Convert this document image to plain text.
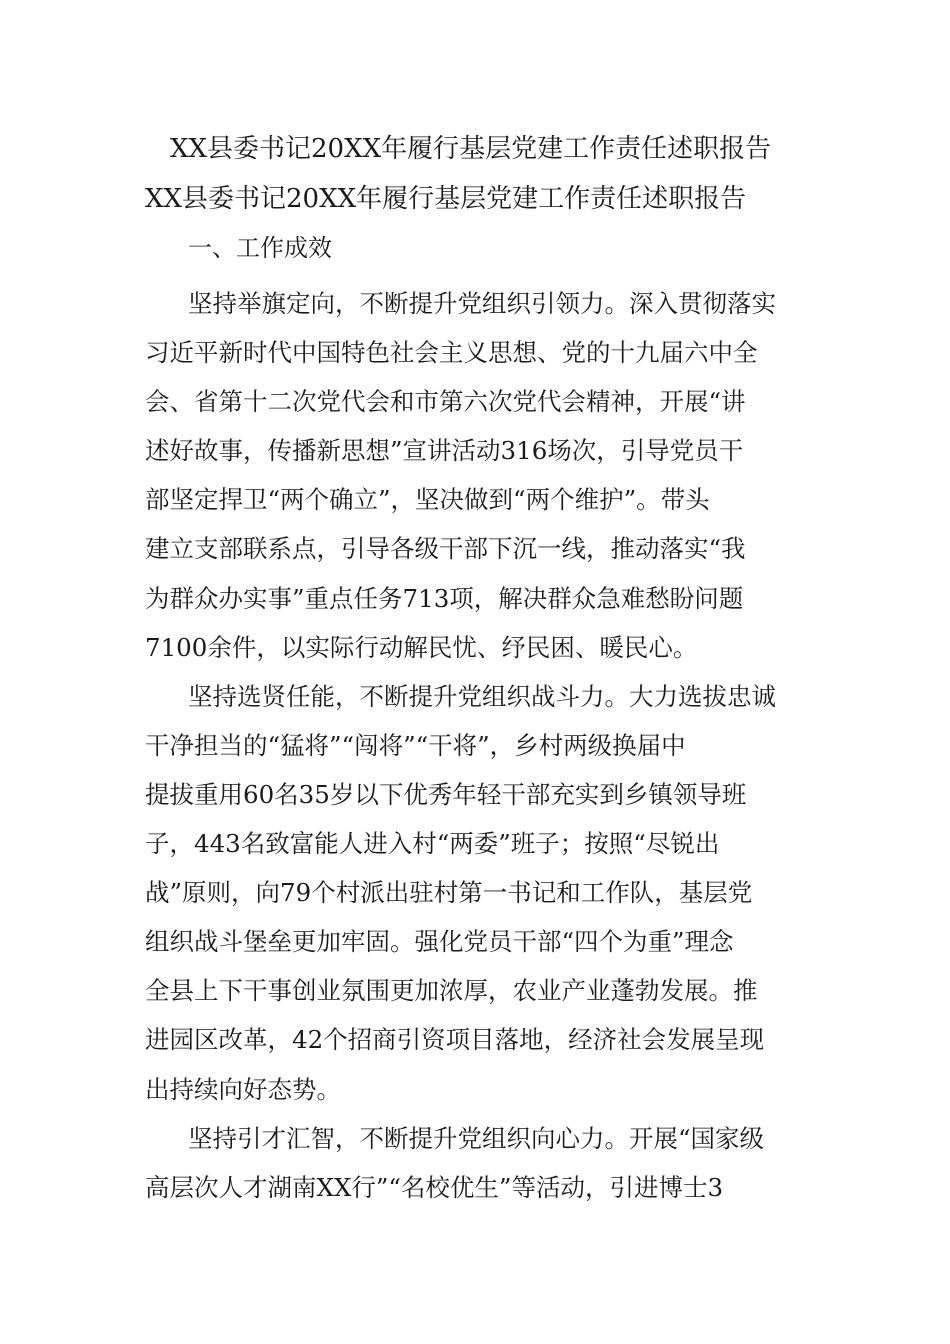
XX县委书记20XX年履行基层党建工作责任述职报告
XX县委书记20XX年履行基层党建工作责任述职报告
一、工作成效
坚持举旗定向，不断提升党组织引领力。深入贯彻落实
习近平新时代中国特色社会主义思想、党的十九届六中全
会、省第十二次党代会和市第六次党代会精神，开展“讲
述好故事，传播新思想”宣讲活动316场次，引导党员干
部坚定捍卫“两个确立”，坚决做到“两个维护”。带头
建立支部联系点，引导各级干部下沉一线，推动落实“我
为群众办实事”重点任务713项，解决群众急难愁盼问题
7100余件，以实际行动解民忧、纾民困、暖民心。
坚持选贤任能，不断提升党组织战斗力。大力选拔忠诚
干净担当的“猛将”“闯将”“干将”，乡村两级换届中
提拔重用60名35岁以下优秀年轻干部充实到乡镇领导班
子，443名致富能人进入村“两委”班子；按照“尽锐出
战”原则，向79个村派出驻村第一书记和工作队，基层党
组织战斗堡垒更加牢固。强化党员干部“四个为重”理念
全县上下干事创业氛围更加浓厚，农业产业蓬勃发展。推
进园区改革，42个招商引资项目落地，经济社会发展呈现
出持续向好态势。
坚持引才汇智，不断提升党组织向心力。开展“国家级
高层次人才湖南XX行”“名校优生”等活动，引进博士3
